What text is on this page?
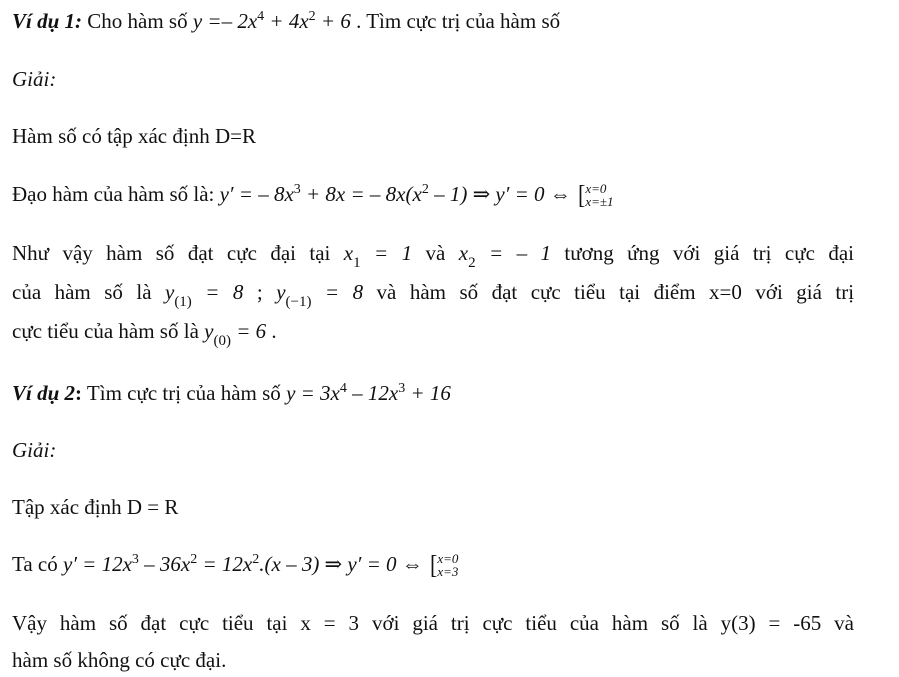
Ví dụ 1: Cho hàm số $y =- 2x^4 + 4x^2 + 6$ . Tìm cực trị của hàm số
Giải:
Hàm số có tập xác định D=R
Đạo hàm của hàm số là: y′ = – $8x^3 + 8x$ = – $8x(x^2 - 1)$ ⇒ y′ = 0 ⇔ [ x=0
x=±1
Như vậy hàm số đạt cực đại tại $x_1 = 1$ và $x_2$ = – 1 tương ứng với giá trị cực đại
của hàm số là $y_{(1)} = 8$ ; $y_{(-1)} = 8$ và hàm số đạt cực tiểu tại điểm x=0 với giá trị
cực tiểu của hàm số là $y_{(0)} = 6$ .
Ví dụ 2: Tìm cực trị của hàm số $y = 3x^4 - 12x^3 + 16$
Giải:
Tập xác định D = R
Ta có $y' = 12x^3 - 36x^2 = 12x^2.(x - 3)$ ⇒ y′ = 0 ⇔ [ x=0
x=3
Vậy hàm số đạt cực tiểu tại x = 3 với giá trị cực tiểu của hàm số là y(3) = -65 và
hàm số không có cực đại.
